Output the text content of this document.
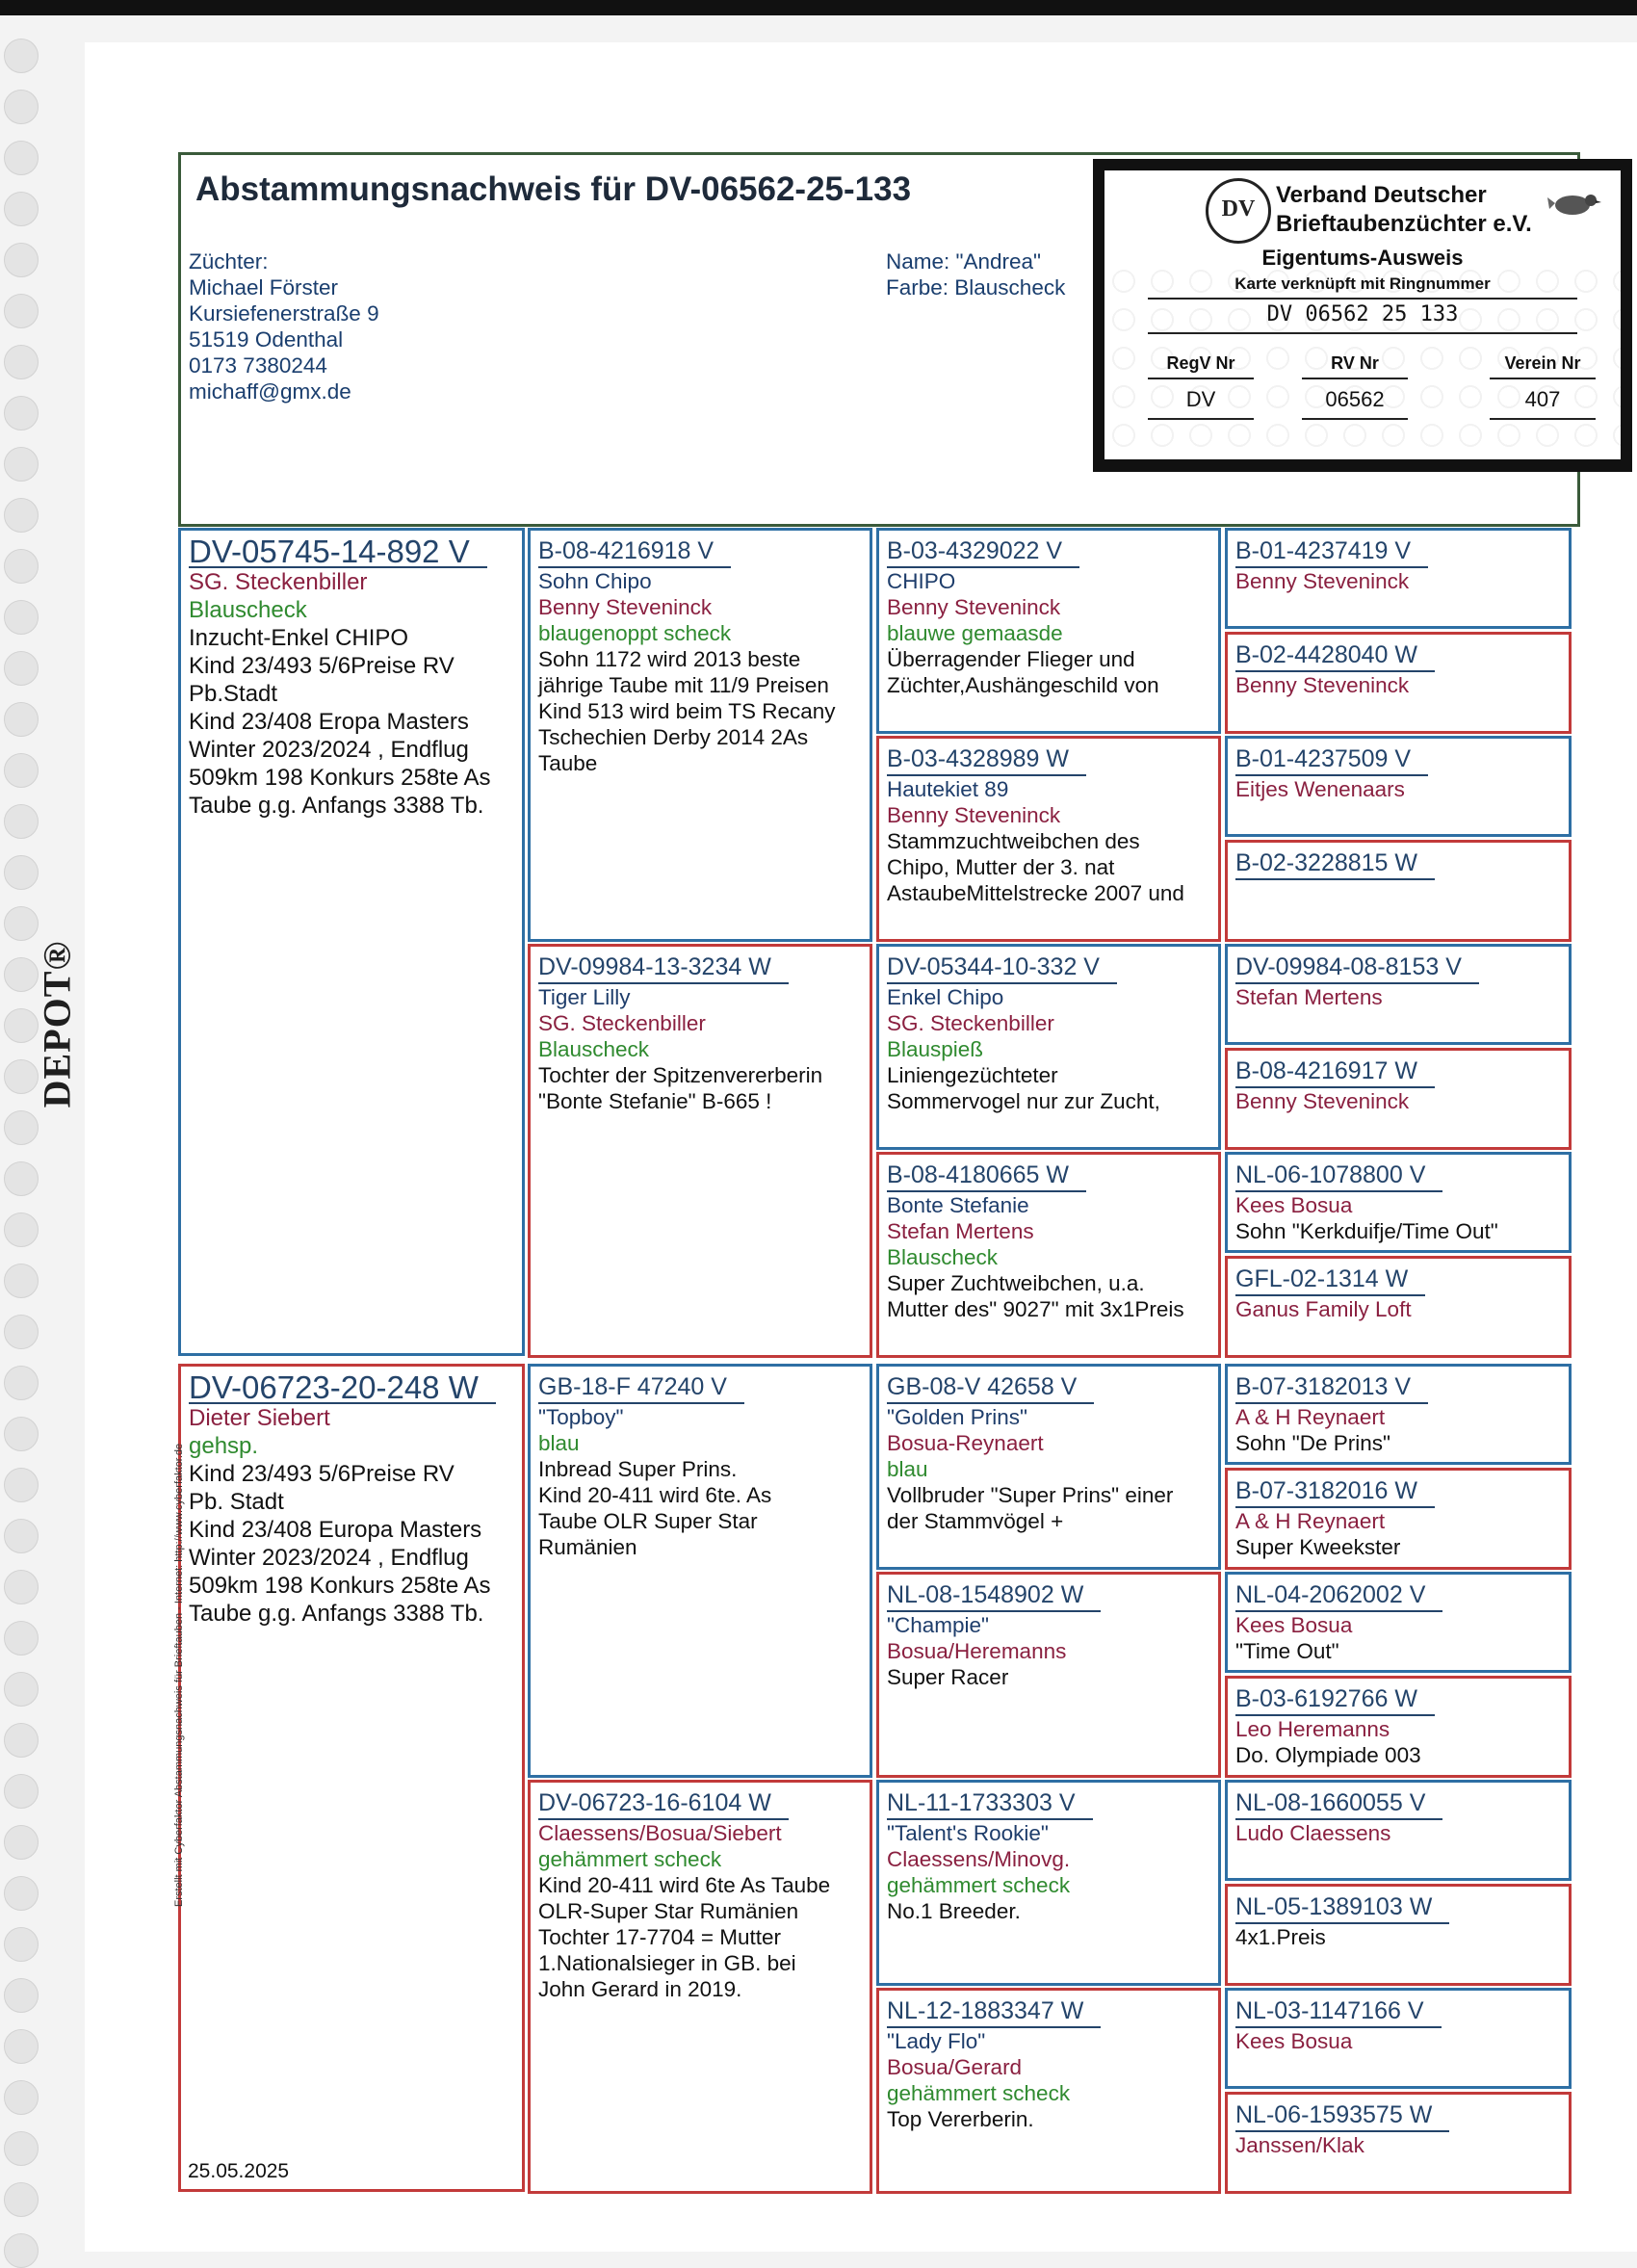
DEPOT®
Abstammungsnachweis für DV-06562-25-133
Züchter:
Michael Förster
Kursiefenerstraße 9
51519 Odenthal
0173 7380244
michaff@gmx.de
Name: "Andrea"
Farbe: Blauscheck
DV
Verband Deutscher
Brieftaubenzüchter e.V.
Eigentums-Ausweis
Karte verknüpft mit Ringnummer
DV 06562 25 133
RegV Nr	RV Nr	Verein Nr
DV	06562	407
DV-05745-14-892 V
SG. Steckenbiller
Blauscheck
Inzucht-Enkel CHIPO
Kind 23/493 5/6Preise RV
Pb.Stadt
Kind 23/408 Eropa Masters
Winter 2023/2024 , Endflug
509km 198 Konkurs 258te As
Taube g.g. Anfangs 3388 Tb.
DV-06723-20-248 W
Dieter Siebert
gehsp.
Kind 23/493 5/6Preise RV
Pb. Stadt
Kind 23/408 Europa Masters
Winter 2023/2024 , Endflug
509km 198 Konkurs 258te As
Taube g.g. Anfangs 3388 Tb.
B-08-4216918 V
Sohn Chipo
Benny Steveninck
blaugenoppt scheck
Sohn 1172 wird 2013 beste
jährige Taube mit 11/9 Preisen
Kind 513 wird beim TS Recany
Tschechien Derby 2014 2As
Taube
DV-09984-13-3234 W
Tiger Lilly
SG. Steckenbiller
Blauscheck
Tochter der Spitzenvererberin
"Bonte Stefanie" B-665 !
GB-18-F 47240 V
"Topboy"
blau
Inbread Super Prins.
Kind 20-411 wird 6te. As
Taube OLR Super Star
Rumänien
DV-06723-16-6104 W
Claessens/Bosua/Siebert
gehämmert scheck
Kind 20-411 wird 6te As Taube
OLR-Super Star Rumänien
Tochter 17-7704 = Mutter
1.Nationalsieger in GB. bei
John Gerard in 2019.
B-03-4329022 V
CHIPO
Benny Steveninck
blauwe gemaasde
Überragender Flieger und
Züchter,Aushängeschild von
B-03-4328989 W
Hautekiet 89
Benny Steveninck
Stammzuchtweibchen des
Chipo, Mutter der 3. nat
AstaubeMittelstrecke 2007 und
DV-05344-10-332 V
Enkel Chipo
SG. Steckenbiller
Blauspieß
Liniengezüchteter
Sommervogel nur zur Zucht,
B-08-4180665 W
Bonte Stefanie
Stefan Mertens
Blauscheck
Super Zuchtweibchen, u.a.
Mutter des" 9027" mit 3x1Preis
GB-08-V 42658 V
"Golden Prins"
Bosua-Reynaert
blau
Vollbruder "Super Prins" einer
der Stammvögel +
NL-08-1548902 W
"Champie"
Bosua/Heremanns
Super Racer
NL-11-1733303 V
"Talent's Rookie"
Claessens/Minovg.
gehämmert scheck
No.1 Breeder.
NL-12-1883347 W
"Lady Flo"
Bosua/Gerard
gehämmert scheck
Top Vererberin.
B-01-4237419 V
Benny Steveninck
B-02-4428040 W
Benny Steveninck
B-01-4237509 V
Eitjes Wenenaars
B-02-3228815 W
DV-09984-08-8153 V
Stefan Mertens
B-08-4216917 W
Benny Steveninck
NL-06-1078800 V
Kees Bosua
Sohn "Kerkduifje/Time Out"
GFL-02-1314 W
Ganus Family Loft
B-07-3182013 V
A & H Reynaert
Sohn "De Prins"
B-07-3182016 W
A & H Reynaert
Super Kweekster
NL-04-2062002 V
Kees Bosua
"Time Out"
B-03-6192766 W
Leo Heremanns
Do. Olympiade 003
NL-08-1660055 V
Ludo Claessens
NL-05-1389103 W
4x1.Preis
NL-03-1147166 V
Kees Bosua
NL-06-1593575 W
Janssen/Klak
25.05.2025
Erstellt mit Cyberfaktor Abstammungsnachweis für Brieftauben - Internet: http://www.cyberfaktor.de
